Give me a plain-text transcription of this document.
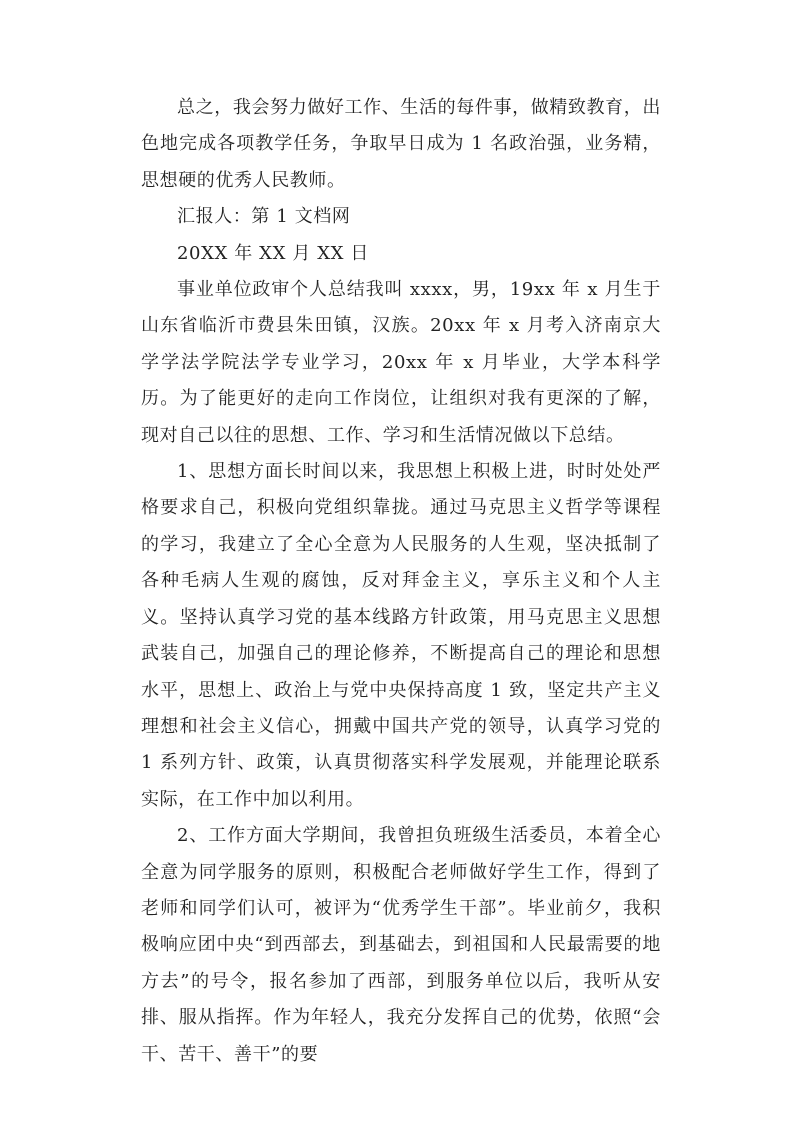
总之，我会努力做好工作、生活的每件事，做精致教育，出色地完成各项教学任务，争取早日成为 1 名政治强，业务精，思想硬的优秀人民教师。

汇报人：第 1 文档网

20XX 年 XX 月 XX 日

事业单位政审个人总结我叫 xxxx，男，19xx 年 x 月生于山东省临沂市费县朱田镇，汉族。20xx 年 x 月考入济南京大学学法学院法学专业学习，20xx 年 x 月毕业，大学本科学历。为了能更好的走向工作岗位，让组织对我有更深的了解，现对自己以往的思想、工作、学习和生活情况做以下总结。

1、思想方面长时间以来，我思想上积极上进，时时处处严格要求自己，积极向党组织靠拢。通过马克思主义哲学等课程的学习，我建立了全心全意为人民服务的人生观，坚决抵制了各种毛病人生观的腐蚀，反对拜金主义，享乐主义和个人主义。坚持认真学习党的基本线路方针政策，用马克思主义思想武装自己，加强自己的理论修养，不断提高自己的理论和思想水平，思想上、政治上与党中央保持高度 1 致，坚定共产主义理想和社会主义信心，拥戴中国共产党的领导，认真学习党的 1 系列方针、政策，认真贯彻落实科学发展观，并能理论联系实际，在工作中加以利用。

2、工作方面大学期间，我曾担负班级生活委员，本着全心全意为同学服务的原则，积极配合老师做好学生工作，得到了老师和同学们认可，被评为“优秀学生干部”。毕业前夕，我积极响应团中央“到西部去，到基础去，到祖国和人民最需要的地方去”的号令，报名参加了西部，到服务单位以后，我听从安排、服从指挥。作为年轻人，我充分发挥自己的优势，依照“会干、苦干、善干”的要
